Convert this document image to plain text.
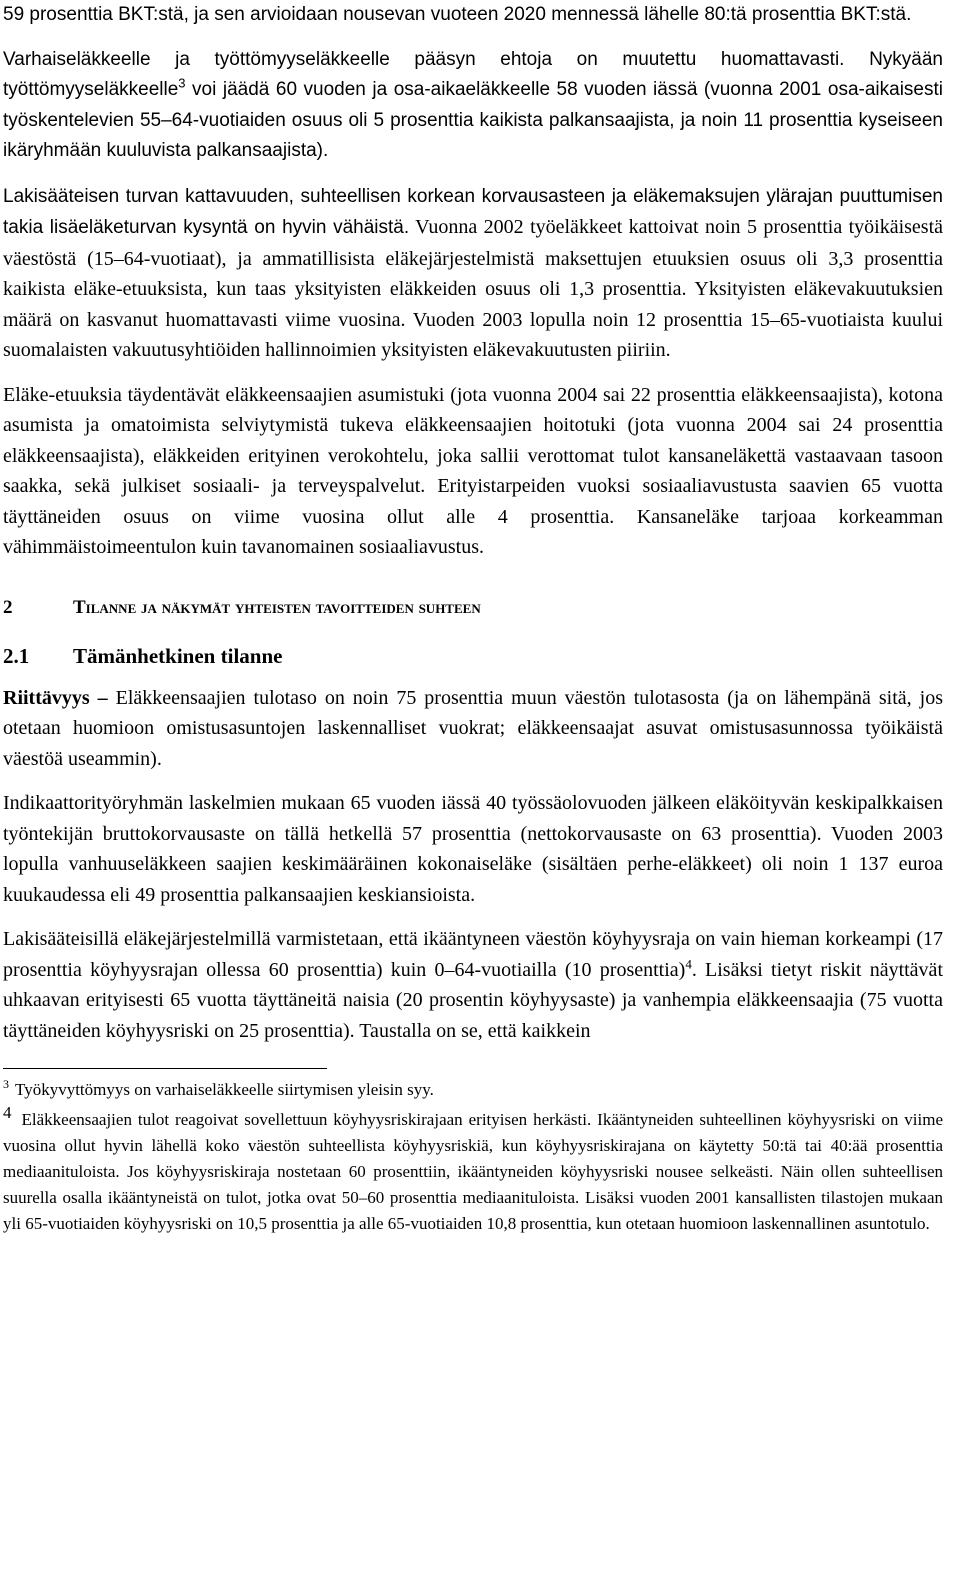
59 prosenttia BKT:stä, ja sen arvioidaan nousevan vuoteen 2020 mennessä lähelle 80:tä prosenttia BKT:stä.

Varhaiseläkkeelle ja työttömyyseläkkeelle pääsyn ehtoja on muutettu huomattavasti. Nykyään työttömyyseläkkeelle$^3$ voi jäädä 60 vuoden ja osa-aikaeläkkeelle 58 vuoden iässä (vuonna 2001 osa-aikaisesti työskentelevien 55–64-vuotiaiden osuus oli 5 prosenttia kaikista palkansaajista, ja noin 11 prosenttia kyseiseen ikäryhmään kuuluvista palkansaajista).

Lakisääteisen turvan kattavuuden, suhteellisen korkean korvausasteen ja eläkemaksujen ylärajan puuttumisen takia lisäeläketurvan kysyntä on hyvin vähäistä. Vuonna 2002 työeläkkeet kattoivat noin 5 prosenttia työikäisestä väestöstä (15–64-vuotiaat), ja ammatillisista eläkejärjestelmistä maksettujen etuuksien osuus oli 3,3 prosenttia kaikista eläke-etuuksista, kun taas yksityisten eläkkeiden osuus oli 1,3 prosenttia. Yksityisten eläkevakuutuksien määrä on kasvanut huomattavasti viime vuosina. Vuoden 2003 lopulla noin 12 prosenttia 15–65-vuotiaista kuului suomalaisten vakuutusyhtiöiden hallinnoimien yksityisten eläkevakuutusten piiriin.

Eläke-etuuksia täydentävät eläkkeensaajien asumistuki (jota vuonna 2004 sai 22 prosenttia eläkkeensaajista), kotona asumista ja omatoimista selviytymistä tukeva eläkkeensaajien hoitotuki (jota vuonna 2004 sai 24 prosenttia eläkkeensaajista), eläkkeiden erityinen verokohtelu, joka sallii verottomat tulot kansaneläkettä vastaavaan tasoon saakka, sekä julkiset sosiaali- ja terveyspalvelut. Erityistarpeiden vuoksi sosiaaliavustusta saavien 65 vuotta täyttäneiden osuus on viime vuosina ollut alle 4 prosenttia. Kansaneläke tarjoaa korkeamman vähimmäistoimeentulon kuin tavanomainen sosiaaliavustus.

2	Tilanne ja näkymät yhteisten tavoitteiden suhteen
2.1	Tämänhetkinen tilanne

Riittävyys – Eläkkeensaajien tulotaso on noin 75 prosenttia muun väestön tulotasosta (ja on lähempänä sitä, jos otetaan huomioon omistusasuntojen laskennalliset vuokrat; eläkkeensaajat asuvat omistusasunnossa työikäistä väestöä useammin).

Indikaattorityöryhmän laskelmien mukaan 65 vuoden iässä 40 työssäolovuoden jälkeen eläköityvän keskipalkkaisen työntekijän bruttokorvausaste on tällä hetkellä 57 prosenttia (nettokorvausaste on 63 prosenttia). Vuoden 2003 lopulla vanhuuseläkkeen saajien keskimääräinen kokonaiseläke (sisältäen perhe-eläkkeet) oli noin 1 137 euroa kuukaudessa eli 49 prosenttia palkansaajien keskiansioista.

Lakisääteisillä eläkejärjestelmillä varmistetaan, että ikääntyneen väestön köyhyysraja on vain hieman korkeampi (17 prosenttia köyhyysrajan ollessa 60 prosenttia) kuin 0–64-vuotiailla (10 prosenttia)$^4$. Lisäksi tietyt riskit näyttävät uhkaavan erityisesti 65 vuotta täyttäneitä naisia (20 prosentin köyhyysaste) ja vanhempia eläkkeensaajia (75 vuotta täyttäneiden köyhyysriski on 25 prosenttia). Taustalla on se, että kaikkein

$^3$ Työkyvyttömyys on varhaiseläkkeelle siirtymisen yleisin syy.

4 Eläkkeensaajien tulot reagoivat sovellettuun köyhyysriskirajaan erityisen herkästi. Ikääntyneiden suhteellinen köyhyysriski on viime vuosina ollut hyvin lähellä koko väestön suhteellista köyhyysriskiä, kun köyhyysriskirajana on käytetty 50:tä tai 40:ää prosenttia mediaanituloista. Jos köyhyysriskiraja nostetaan 60 prosenttiin, ikääntyneiden köyhyysriski nousee selkeästi. Näin ollen suhteellisen suurella osalla ikääntyneistä on tulot, jotka ovat 50–60 prosenttia mediaanituloista. Lisäksi vuoden 2001 kansallisten tilastojen mukaan yli 65-vuotiaiden köyhyysriski on 10,5 prosenttia ja alle 65-vuotiaiden 10,8 prosenttia, kun otetaan huomioon laskennallinen asuntotulo.
